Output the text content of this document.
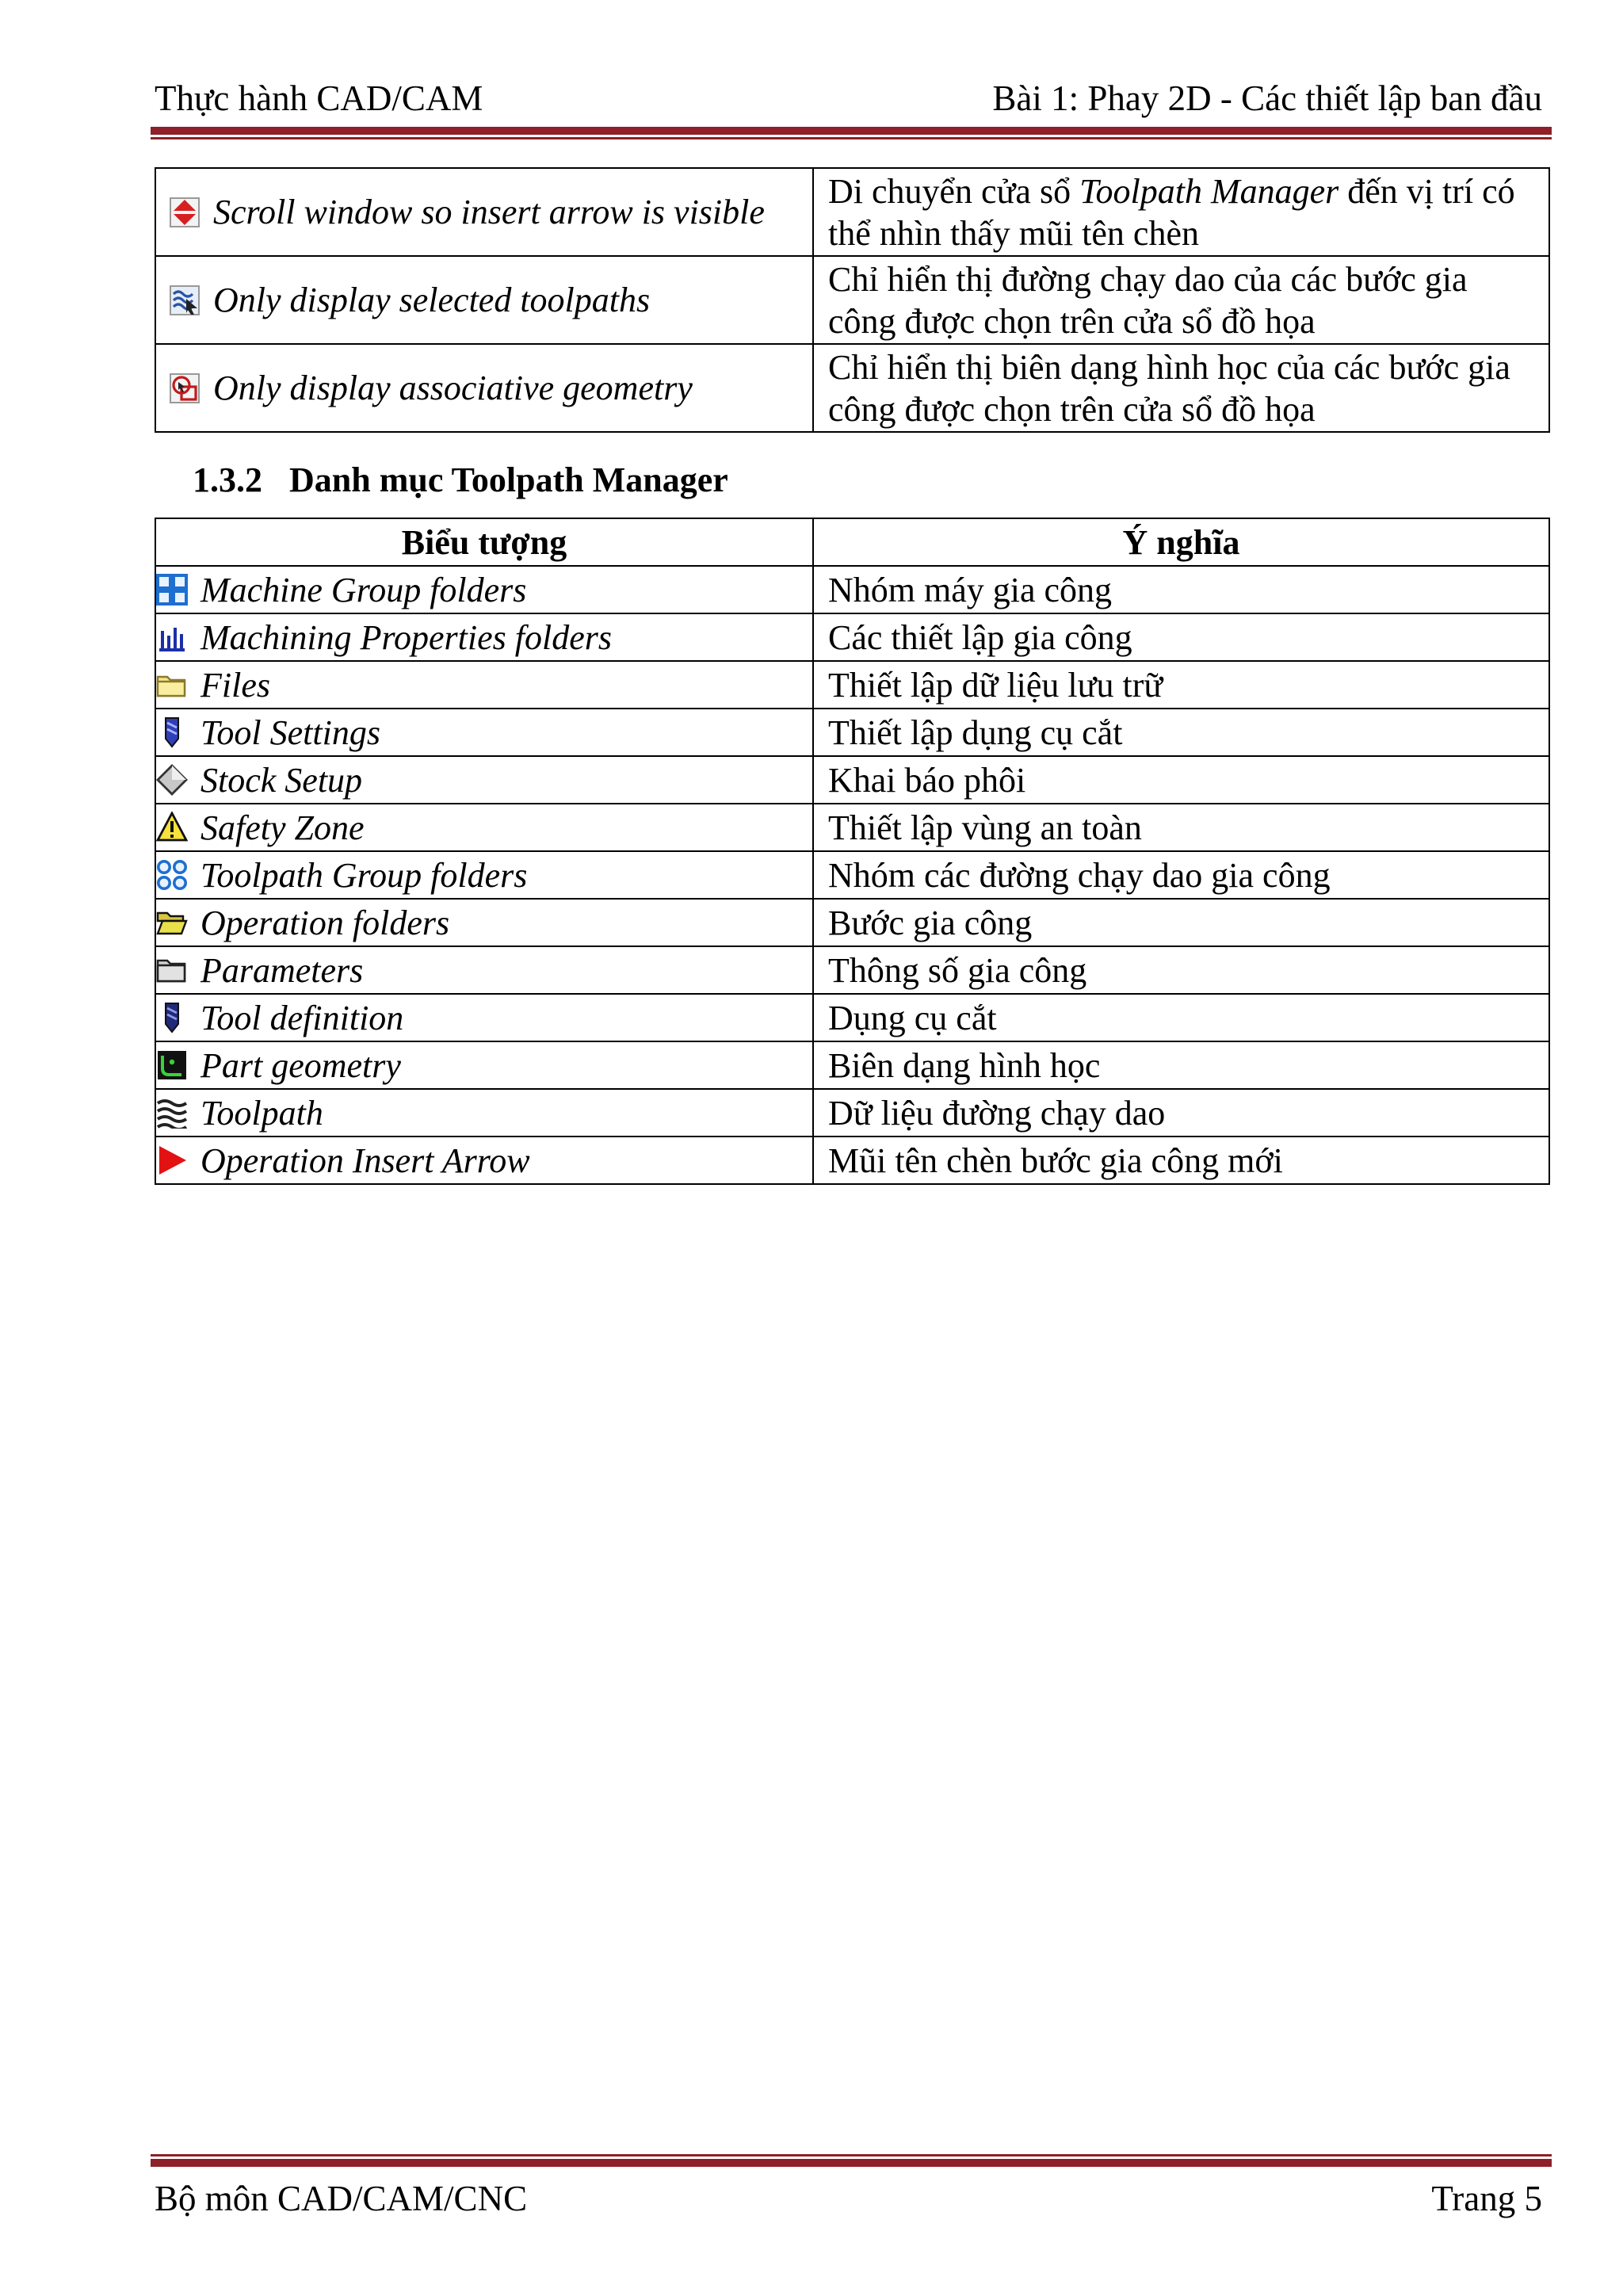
Thực hành CAD/CAM	Bài 1: Phay 2D - Các thiết lập ban đầu
Scroll window so insert arrow is visible	Di chuyển cửa sổ Toolpath Manager đến vị trí có thể nhìn thấy mũi tên chèn

Only display selected toolpaths	Chỉ hiển thị đường chạy dao của các bước gia công được chọn trên cửa sổ đồ họa

Only display associative geometry	Chỉ hiển thị biên dạng hình học của các bước gia công được chọn trên cửa sổ đồ họa
1.3.2 Danh mục Toolpath Manager
Biểu tượng	Ý nghĩa

Machine Group folders	Nhóm máy gia công

Machining Properties folders	Các thiết lập gia công

Files	Thiết lập dữ liệu lưu trữ

Tool Settings	Thiết lập dụng cụ cắt

Stock Setup	Khai báo phôi

Safety Zone	Thiết lập vùng an toàn

Toolpath Group folders	Nhóm các đường chạy dao gia công

Operation folders	Bước gia công

Parameters	Thông số gia công

Tool definition	Dụng cụ cắt

Part geometry	Biên dạng hình học

Toolpath	Dữ liệu đường chạy dao

Operation Insert Arrow	Mũi tên chèn bước gia công mới
Bộ môn CAD/CAM/CNC	Trang 5
